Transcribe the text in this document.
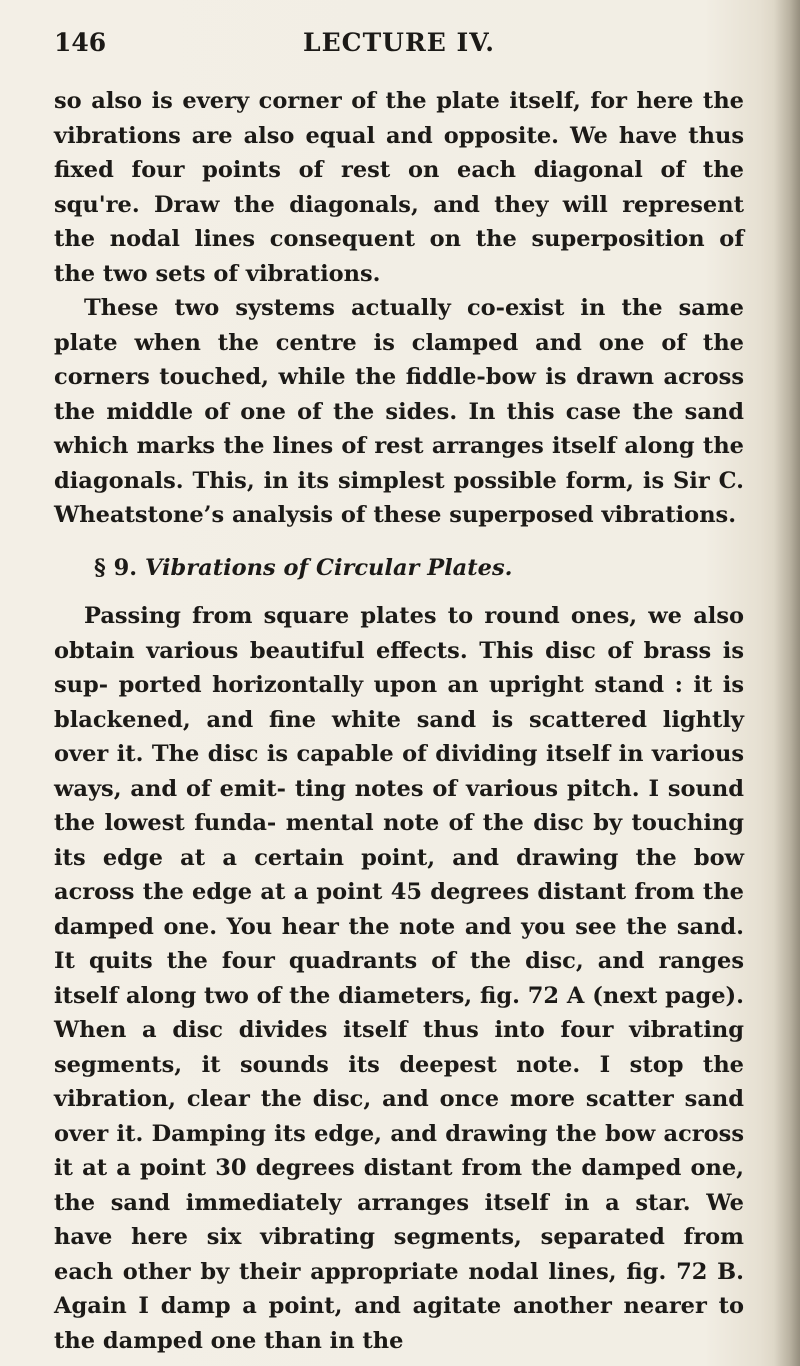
146	LECTURE IV.

so also is every corner of the plate itself, for here the vibrations are also equal and opposite. We have thus fixed four points of rest on each diagonal of the squ're. Draw the diagonals, and they will represent the nodal lines consequent on the superposition of the two sets of vibrations.

These two systems actually co-exist in the same plate when the centre is clamped and one of the corners touched, while the fiddle-bow is drawn across the middle of one of the sides. In this case the sand which marks the lines of rest arranges itself along the diagonals. This, in its simplest possible form, is Sir C. Wheatstone’s analysis of these superposed vibrations.

§ 9. Vibrations of Circular Plates.

Passing from square plates to round ones, we also obtain various beautiful effects. This disc of brass is sup- ported horizontally upon an upright stand : it is blackened, and fine white sand is scattered lightly over it. The disc is capable of dividing itself in various ways, and of emit- ting notes of various pitch. I sound the lowest funda- mental note of the disc by touching its edge at a certain point, and drawing the bow across the edge at a point 45 degrees distant from the damped one. You hear the note and you see the sand. It quits the four quadrants of the disc, and ranges itself along two of the diameters, fig. 72 A (next page). When a disc divides itself thus into four vibrating segments, it sounds its deepest note. I stop the vibration, clear the disc, and once more scatter sand over it. Damping its edge, and drawing the bow across it at a point 30 degrees distant from the damped one, the sand immediately arranges itself in a star. We have here six vibrating segments, separated from each other by their appropriate nodal lines, fig. 72 B. Again I damp a point, and agitate another nearer to the damped one than in the
